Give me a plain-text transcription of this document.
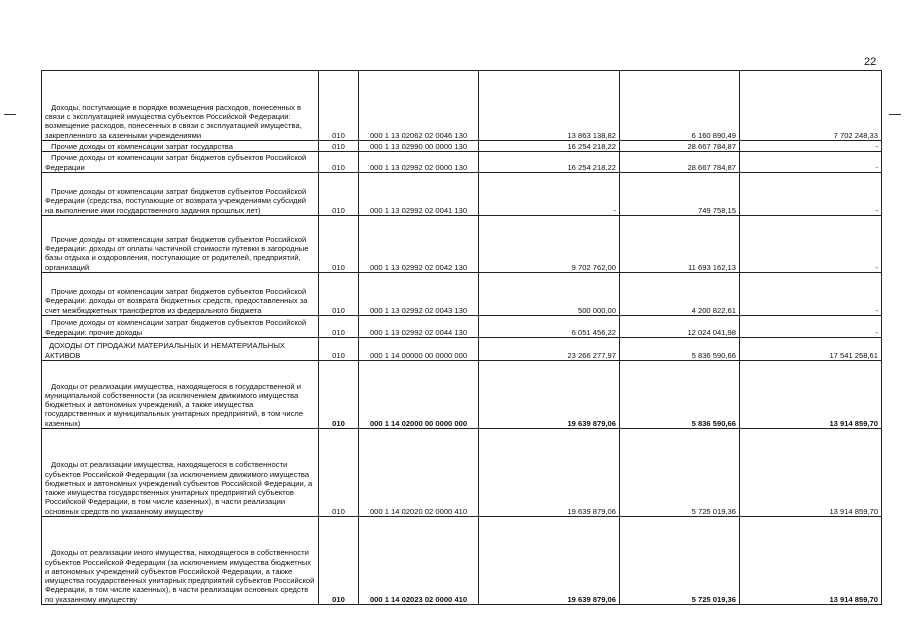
22
Доходы, поступающие в порядке возмещения расходов, понесенных в связи с эксплуатацией имущества субъектов Российской Федерации: возмещение расходов, понесенных в связи с эксплуатацией имущества, закрепленного за казенными учреждениями	010	000 1 13 02062 02 0046 130	13 863 138,82	6 160 890,49	7 702 248,33
Прочие доходы от компенсации затрат государства	010	000 1 13 02990 00 0000 130	16 254 218,22	28 667 784,87	-
Прочие доходы от компенсации затрат бюджетов субъектов Российской Федерации	010	000 1 13 02992 02 0000 130	16 254 218,22	28 667 784,87	-
Прочие доходы от компенсации затрат бюджетов субъектов Российской Федерации (средства, поступающие от возврата учреждениями субсидий на выполнение ими государственного задания прошлых лет)	010	000 1 13 02992 02 0041 130	-	749 758,15	-
Прочие доходы от компенсации затрат бюджетов субъектов Российской Федерации: доходы от оплаты частичной стоимости путевки в загородные базы отдыха и оздоровления, поступающие от родителей, предприятий, организаций	010	000 1 13 02992 02 0042 130	9 702 762,00	11 693 162,13	-
Прочие доходы от компенсации затрат бюджетов субъектов Российской Федерации: доходы от возврата бюджетных средств, предоставленных за счет межбюджетных трансфертов из федерального бюджета	010	000 1 13 02992 02 0043 130	500 000,00	4 200 822,61	-
Прочие доходы от компенсации затрат бюджетов субъектов Российской Федерации: прочие доходы	010	000 1 13 02992 02 0044 130	6 051 456,22	12 024 041,98	-
ДОХОДЫ ОТ ПРОДАЖИ МАТЕРИАЛЬНЫХ И НЕМАТЕРИАЛЬНЫХ АКТИВОВ	010	000 1 14 00000 00 0000 000	23 266 277,97	5 836 590,66	17 541 258,61
Доходы от реализации имущества, находящегося в государственной и муниципальной собственности (за исключением движимого имущества бюджетных и автономных учреждений, а также имущества государственных и муниципальных унитарных предприятий, в том числе казенных)	010	000 1 14 02000 00 0000 000	19 639 879,06	5 836 590,66	13 914 859,70
Доходы от реализации имущества, находящегося в собственности субъектов Российской Федерации (за исключением движимого имущества бюджетных и автономных учреждений субъектов Российской Федерации, а также имущества государственных унитарных предприятий субъектов Российской Федерации, в том числе казенных), в части реализации основных средств по указанному имуществу	010	000 1 14 02020 02 0000 410	19 639 879,06	5 725 019,36	13 914 859,70
Доходы от реализации иного имущества, находящегося в собственности субъектов Российской Федерации (за исключением имущества бюджетных и автономных учреждений субъектов Российской Федерации, а также имущества государственных унитарных предприятий субъектов Российской Федерации, в том числе казенных), в части реализации основных средств по указанному имуществу	010	000 1 14 02023 02 0000 410	19 639 879,06	5 725 019,36	13 914 859,70
